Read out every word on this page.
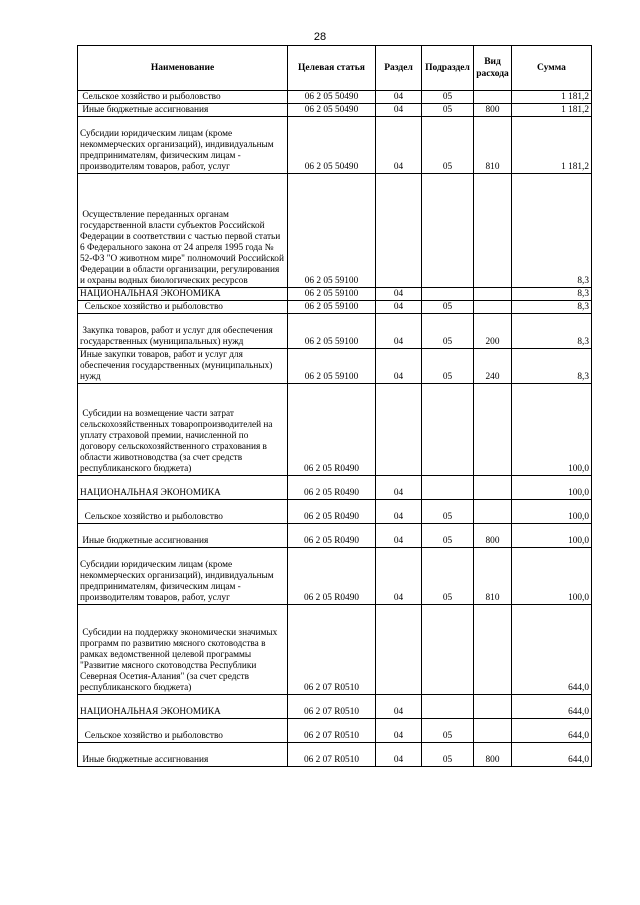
28
Наименование	Целевая статья	Раздел	Подраздел	Вид расхода	Сумма
Сельское хозяйство и рыболовство	06 2 05 50490	04	05		1 181,2
Иные бюджетные ассигнования	06 2 05 50490	04	05	800	1 181,2
Субсидии юридическим лицам (кроме некоммерческих организаций), индивидуальным предпринимателям, физическим лицам - производителям товаров, работ, услуг	06 2 05 50490	04	05	810	1 181,2
Осуществление переданных органам государственной власти субъектов Российской Федерации в соответствии с частью первой статьи 6 Федерального закона от 24 апреля 1995 года № 52-ФЗ "О животном мире" полномочий Российской Федерации в области организации, регулирования и охраны водных биологических ресурсов	06 2 05 59100				8,3
НАЦИОНАЛЬНАЯ ЭКОНОМИКА	06 2 05 59100	04			8,3
Сельское хозяйство и рыболовство	06 2 05 59100	04	05		8,3
Закупка товаров, работ и услуг для обеспечения государственных (муниципальных) нужд	06 2 05 59100	04	05	200	8,3
Иные закупки товаров, работ и услуг для обеспечения государственных (муниципальных) нужд	06 2 05 59100	04	05	240	8,3
Субсидии на возмещение части затрат сельскохозяйственных товаропроизводителей на уплату страховой премии, начисленной по договору сельскохозяйственного страхования в области животноводства (за счет средств республиканского бюджета)	06 2 05 R0490				100,0
НАЦИОНАЛЬНАЯ ЭКОНОМИКА	06 2 05 R0490	04			100,0
Сельское хозяйство и рыболовство	06 2 05 R0490	04	05		100,0
Иные бюджетные ассигнования	06 2 05 R0490	04	05	800	100,0
Субсидии юридическим лицам (кроме некоммерческих организаций), индивидуальным предпринимателям, физическим лицам - производителям товаров, работ, услуг	06 2 05 R0490	04	05	810	100,0
Субсидии на поддержку экономически значимых программ по развитию мясного скотоводства в рамках ведомственной целевой программы "Развитие мясного скотоводства Республики Северная Осетия-Алания" (за счет средств республиканского бюджета)	06 2 07 R0510				644,0
НАЦИОНАЛЬНАЯ ЭКОНОМИКА	06 2 07 R0510	04			644,0
Сельское хозяйство и рыболовство	06 2 07 R0510	04	05		644,0
Иные бюджетные ассигнования	06 2 07 R0510	04	05	800	644,0
